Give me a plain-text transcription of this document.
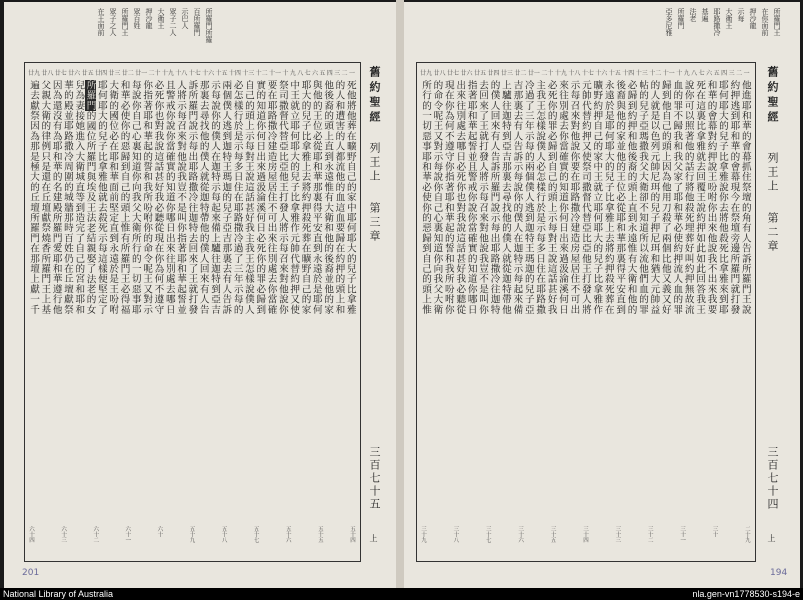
所羅門所羅
百所羅門
示巴人
眾子二人
大衛王
押沙龍
眾百姓
所羅門王
眾子之人
在王面前
一
二
三
四
五
六
七
八
九
十
十一
十二
十三
十四
十五
十六
十七
十八
十九
二十
廿一
廿二
廿三
廿四
廿五
廿六
廿七
廿八
廿九
死他將他葬在曠野自己的家中耶何耶大的兒子比拿雅
的人和遭害的人都流他的血這血要歸在約押的頭上和
他後裔的頭上直到永遠惟有大衛和他的後裔並他的家
與他的王位必從耶和華那裏得平安直到永遠於是耶何
耶大的兒子比拿雅上去將約押殺死葬在曠野自己的家
中王就立耶何耶大的兒子比拿雅作元帥代替約押又使
祭司撒督代替亞比亞他王打發人將示每召來對他說你
要在耶路撒冷建造房屋居住不可出來往別處去你當確
實的知道你何日出來過汲淪溪何日必死你的罪必歸到
自己的頭上示每對王說這話甚好我主我王怎樣說僕人
必怎樣行於是示每多日住在耶路撒冷過了三年示每的
兩個僕人逃到迦特王瑪迦的兒子亞吉那裏去有人告訴
示每說你的僕人在迦特示每起來備上驢往迦特到亞吉
那裏去尋找他的僕人就從迦特帶他的僕人回來有人告
訴所羅門說示每出耶路撒冷往迦特去回來了王就打發
人將示每召來對他說我豈不是叫你指著耶和華起誓並
且警戒你說你當確實的知道你哪日出來往別處去哪日
必死你也對我說這話甚好我必聽從現在你為何不遵守
你指著耶和華起的誓和我所吩咐你的命令呢王又對示
每說你自己心裏知道你向我父大衛所行的一切惡事耶
和華必使你的惡歸到自己的頭上惟有所羅門王必得福
大衛的國位必在耶和華面前堅定直到永遠於是王吩咐
耶何耶大的兒子比拿雅他就去殺死示每這樣便堅定了
所羅門的國位所羅門與埃及王法老結親娶了法老的女
兒為妻接她進入大衛城直等到造完了自己的宮和耶和
華的殿並耶路撒冷周圍的城牆那時百姓仍在丘壇獻祭
因為還沒有為耶和華的名建殿所羅門愛耶和華遵行他
父親大衛的律例只是還在丘壇獻祭燒香所羅門王上基
遍去獻祭因為那是極大的丘壇所羅門在那壇上獻一千
五十四
五十五
五十六
五十七
五十八
五十九
六十
六十一
六十二
六十三
六十四
舊約聖經
列王上
第三章
三百七十五
上
201
所羅門王
在你面前
押沙龍
示每
大衛王
耶路撒冷
基遍
法老
所羅門
亞多尼雅
一
二
三
四
五
六
七
八
九
十
十一
十二
十三
十四
十五
十六
十七
十八
十九
二十
廿一
廿二
廿三
廿四
廿五
廿六
廿七
廿八
廿九
他進耶和華的會幕抓住祭壇的角有人告訴所羅門王說
約押逃到耶和華的會幕現今在祭壇旁邊所羅門就打發
耶何耶大的兒子比拿雅說你去將他殺死比拿雅來到耶
和華的會幕對約押說王吩咐你出來他說我不出來我要
死在這裏比拿雅就去回覆王說約押如此如此回答我王
說你可以照著他的話行將他殺死埋葬好叫約押無故流
血的罪不歸我和我父家了耶和華必使約押流人血的罪
歸到他自己的頭上因為他用刀殺了兩個比他又義又好
的人就是以色列元帥尼珥的兒子押尼珥和猶大元帥益
帖的兒子亞瑪撒我父大衛卻不知道所以流他們血的罪
必歸到約押和他後裔的頭上直到永遠惟有大衛和他的
後裔與他的家並他的王位必從耶和華那裏得平安直到
永遠於是耶何耶大的兒子比拿雅上去將約押殺死葬在
曠野約押自己的家中王就立耶何耶大的兒子比拿雅作
元帥代替約押又使祭司撒督代替亞比亞他王打發人將
示每召來對他說你要在耶路撒冷建造房屋居住不可出
來往別處去你當確實的知道你何日出來過汲淪溪何日
必死你的罪必歸到自己的頭上示每對王說這話甚好我
主我王怎樣說僕人必怎樣行於是示每多日住在耶路撒
冷過了三年示每的兩個僕人逃到迦特王瑪迦的兒子亞
吉那裏去有人告訴示每說你的僕人在迦特示每起來備
上驢往迦特到亞吉那裏去尋找他的僕人就從迦特帶他
的僕人回來有人告訴所羅門說示每出耶路撒冷往迦特
去回來了王就打發人將示每召來對他說我豈不是叫你
指著耶和華起誓並且警戒你說你當確實的知道你哪日
出來往別處去哪日必死你也對我說這話甚好我必聽從
現在你為何不遵守你指著耶和華起的誓和我所吩咐你
的命令呢王又對示每說你自己心裏知道你向我父大衛
所行的一切惡事耶和華必使你的惡歸到自己的頭上惟
二十九
三十
三十一
三十二
三十三
三十四
三十五
三十六
三十七
三十八
三十九
舊約聖經
列王上
第二章
三百七十四
上
194
National Library of Australia	nla.gen-vn1778530-s194-e
